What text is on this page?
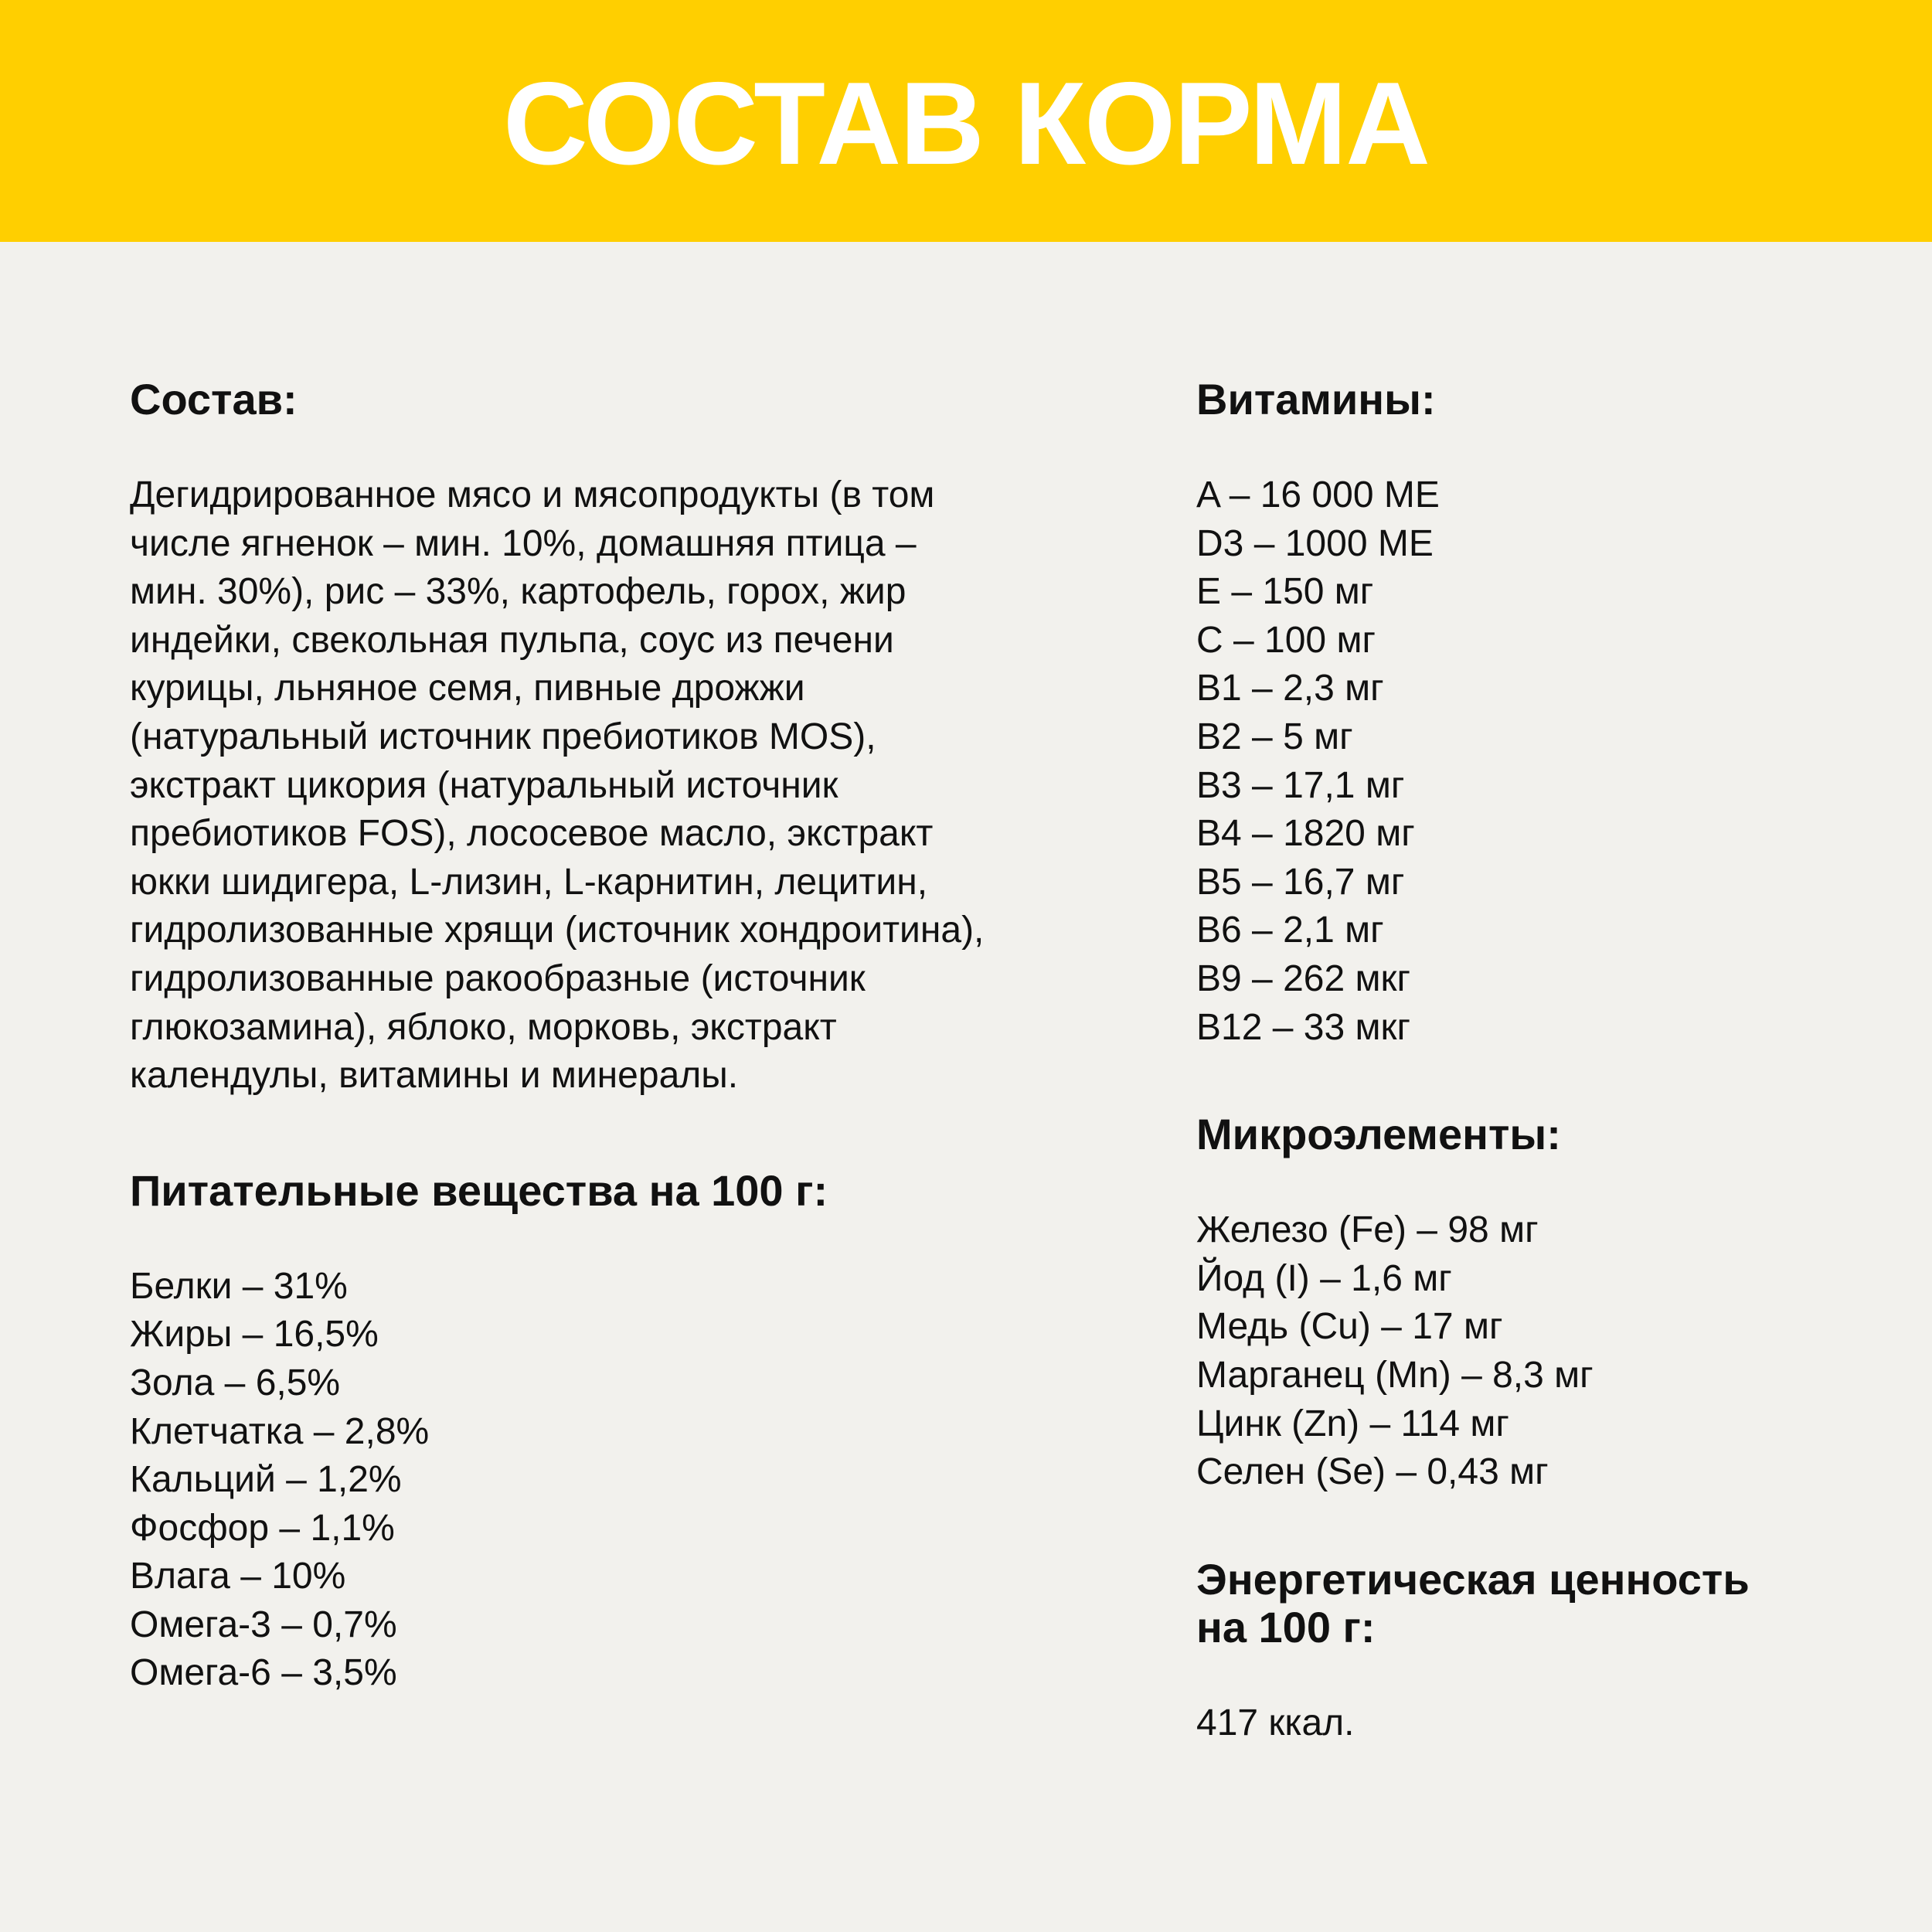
СОСТАВ КОРМА
Состав:

Дегидрированное мясо и мясопродукты (в том числе ягненок – мин. 10%, домашняя птица – мин. 30%), рис – 33%, картофель, горох, жир индейки, свекольная пульпа, соус из печени курицы, льняное семя, пивные дрожжи (натуральный источник пребиотиков MOS), экстракт цикория (натуральный источник пребиотиков FOS), лососевое масло, экстракт юкки шидигера, L-лизин, L-карнитин, лецитин, гидролизованные хрящи (источник хондроитина), гидролизованные ракообразные (источник глюкозамина), яблоко, морковь, экстракт календулы, витамины и минералы.

Питательные вещества на 100 г:
Белки – 31%
Жиры – 16,5%
Зола – 6,5%
Клетчатка – 2,8%
Кальций – 1,2%
Фосфор – 1,1%
Влага – 10%
Омега-3 – 0,7%
Омега-6 – 3,5%
Витамины:
A – 16 000 ME
D3 – 1000 ME
E – 150 мг
C – 100 мг
B1 – 2,3 мг
B2 – 5 мг
B3 – 17,1 мг
B4 – 1820 мг
B5 – 16,7 мг
B6 – 2,1 мг
B9 – 262 мкг
B12 – 33 мкг
Микроэлементы:
Железо (Fe) – 98 мг
Йод (I) – 1,6 мг
Медь (Cu) – 17 мг
Марганец (Mn) – 8,3 мг
Цинк (Zn) – 114 мг
Селен (Se) – 0,43 мг
Энергетическая ценность
на 100 г:

417 ккал.
